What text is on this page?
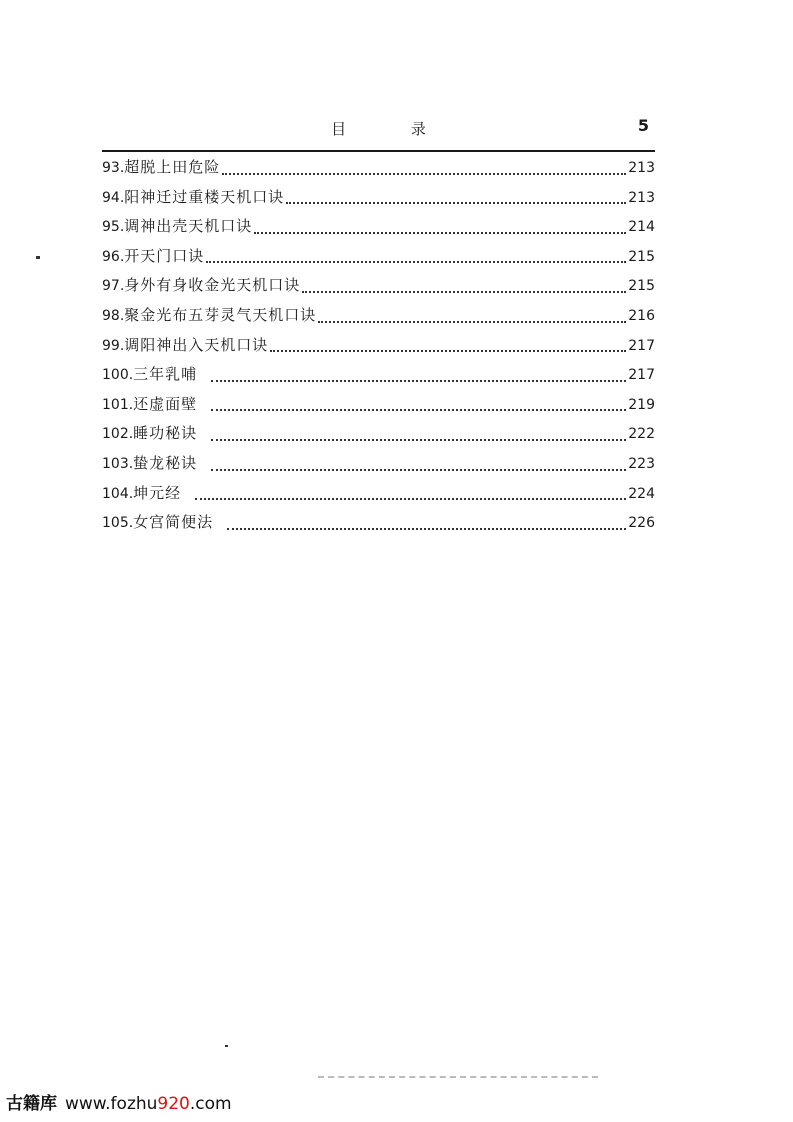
目 录	5
93. 超脱上田危险	213
94. 阳神迁过重楼天机口诀	213
95. 调神出壳天机口诀	214
96. 开天门口诀	215
97. 身外有身收金光天机口诀	215
98. 聚金光布五芽灵气天机口诀	216
99. 调阳神出入天机口诀	217
100. 三年乳哺	217
101. 还虚面壁	219
102. 睡功秘诀	222
103. 蛰龙秘诀	223
104. 坤元经	224
105. 女宫简便法	226
古籍库 www.fozhu920.com
